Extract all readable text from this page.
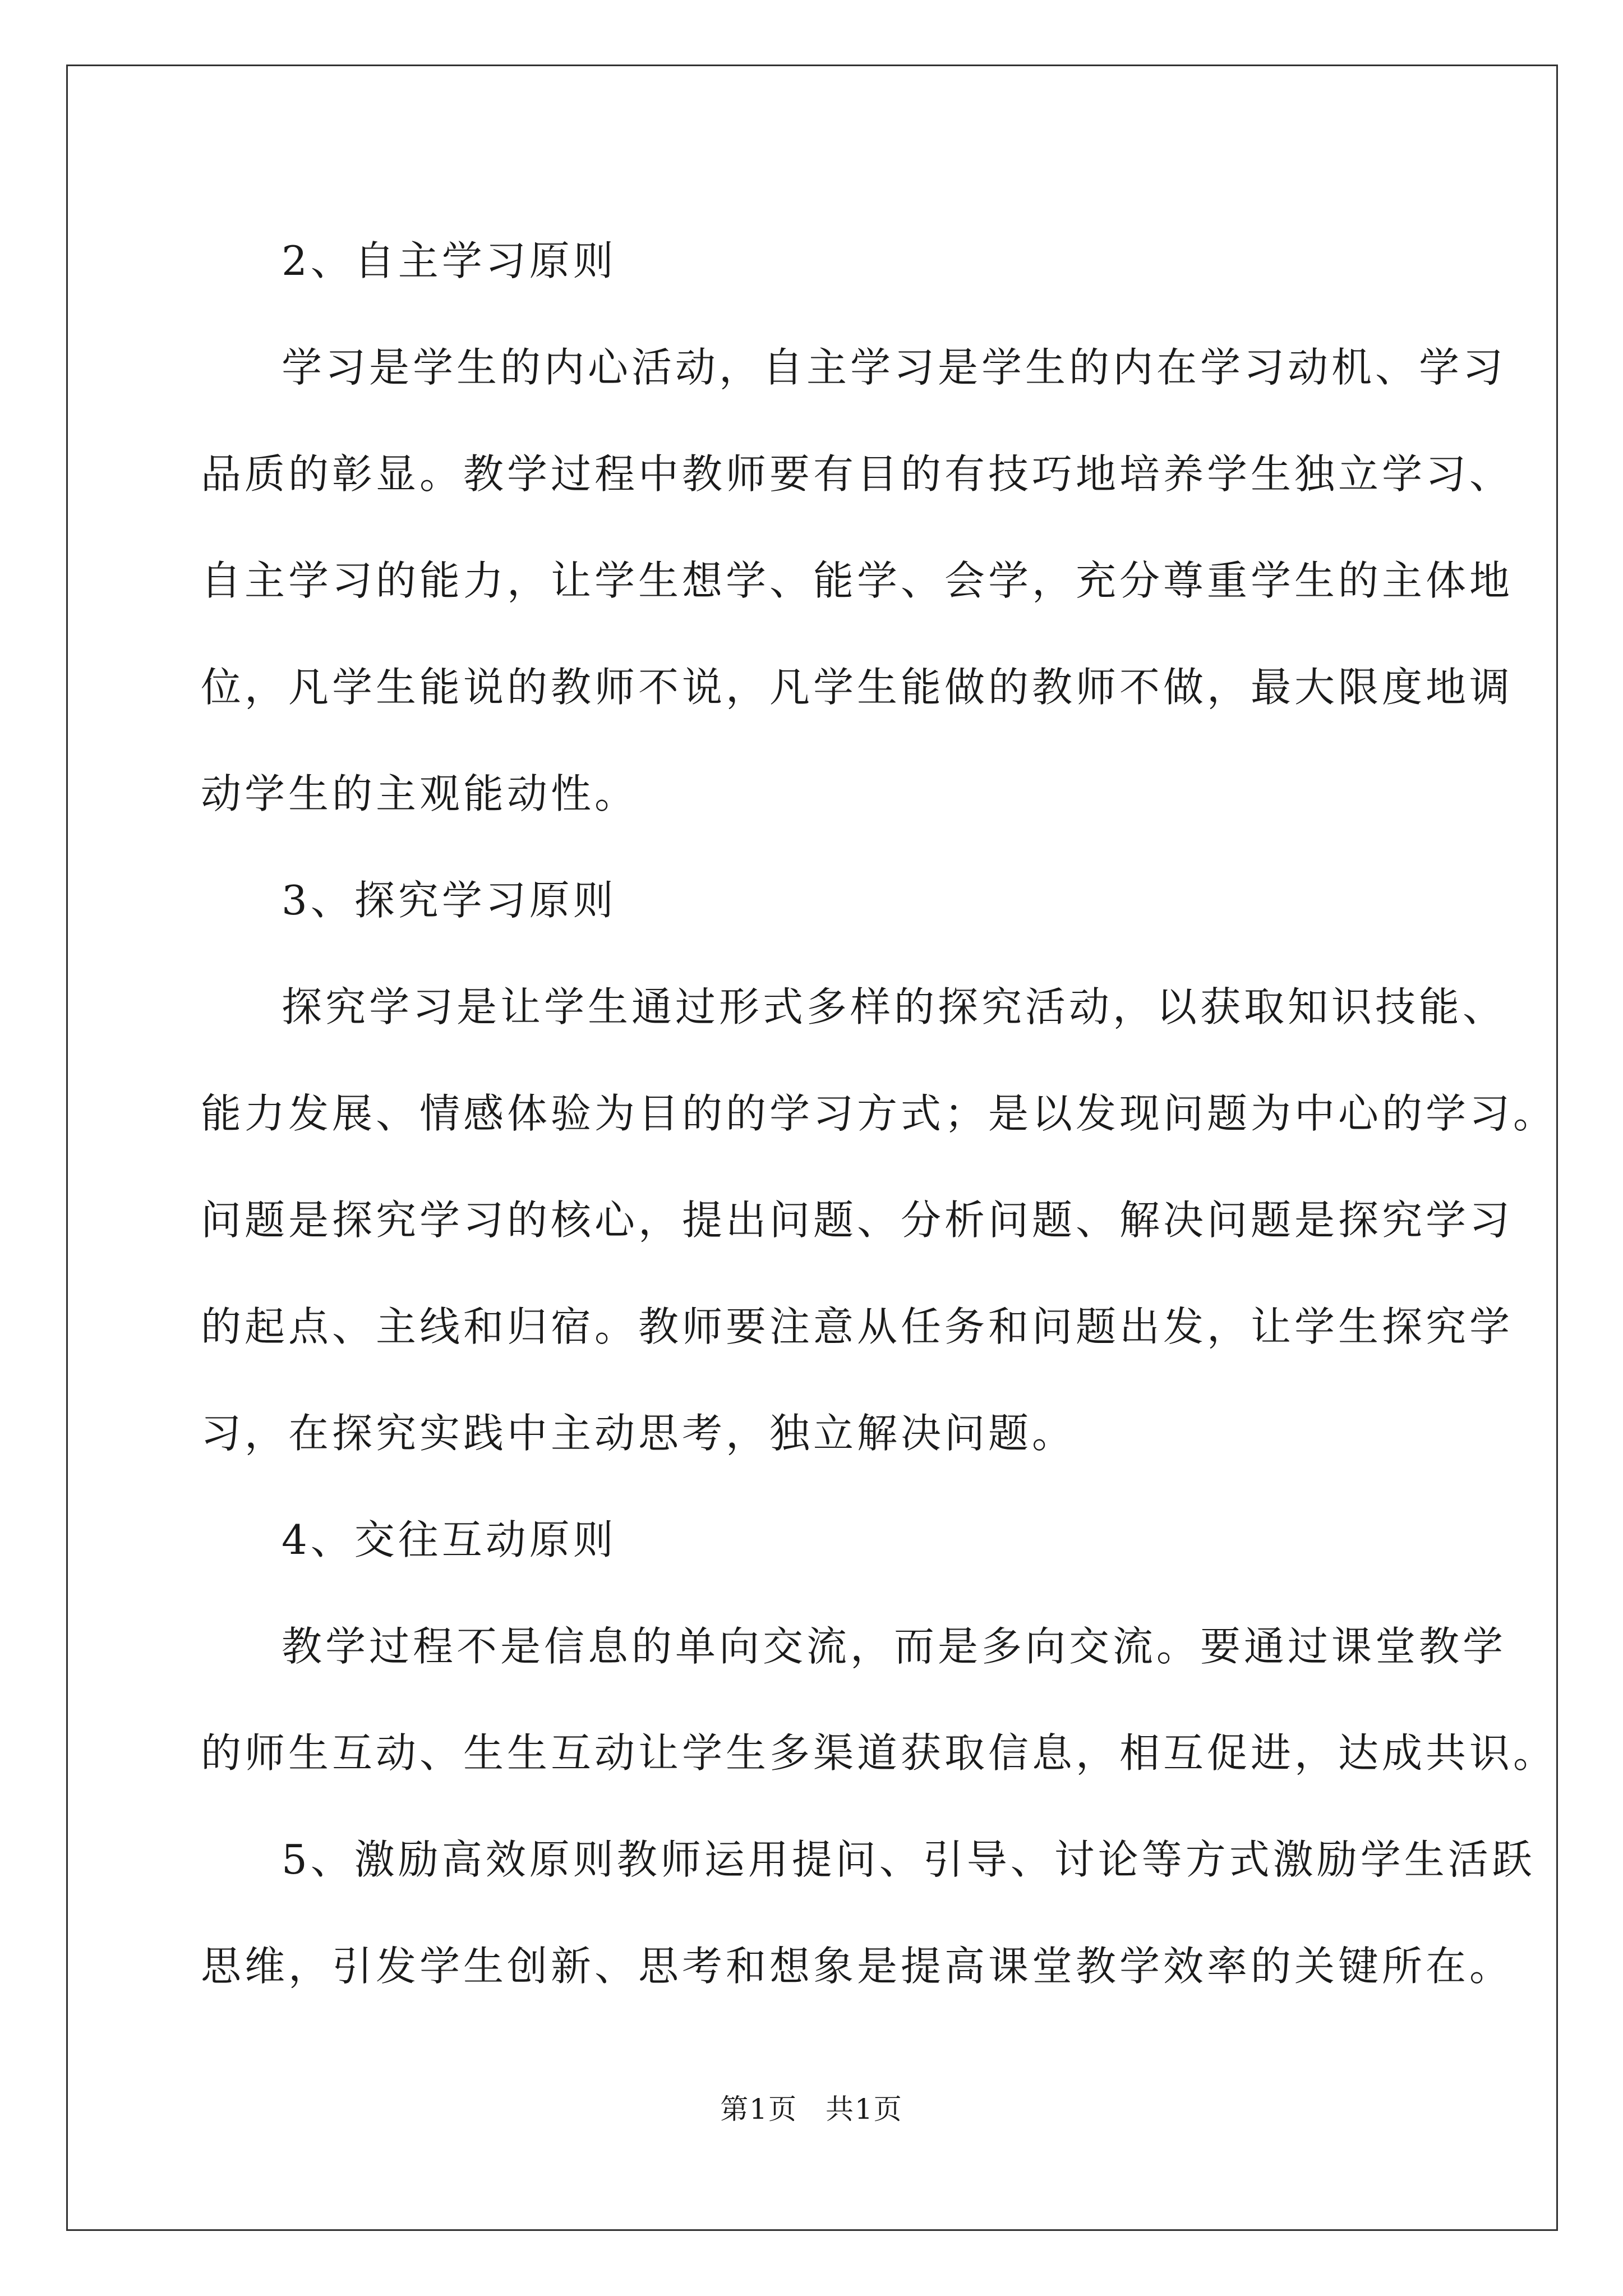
2、自主学习原则
学习是学生的内心活动，自主学习是学生的内在学习动机、学习
品质的彰显。教学过程中教师要有目的有技巧地培养学生独立学习、
自主学习的能力，让学生想学、能学、会学，充分尊重学生的主体地
位，凡学生能说的教师不说，凡学生能做的教师不做，最大限度地调
动学生的主观能动性。
3、探究学习原则
探究学习是让学生通过形式多样的探究活动，以获取知识技能、
能力发展、情感体验为目的的学习方式；是以发现问题为中心的学习。
问题是探究学习的核心，提出问题、分析问题、解决问题是探究学习
的起点、主线和归宿。教师要注意从任务和问题出发，让学生探究学
习，在探究实践中主动思考，独立解决问题。
4、交往互动原则
教学过程不是信息的单向交流，而是多向交流。要通过课堂教学
的师生互动、生生互动让学生多渠道获取信息，相互促进，达成共识。
5、激励高效原则教师运用提问、引导、讨论等方式激励学生活跃
思维，引发学生创新、思考和想象是提高课堂教学效率的关键所在。
第1页 共1页
